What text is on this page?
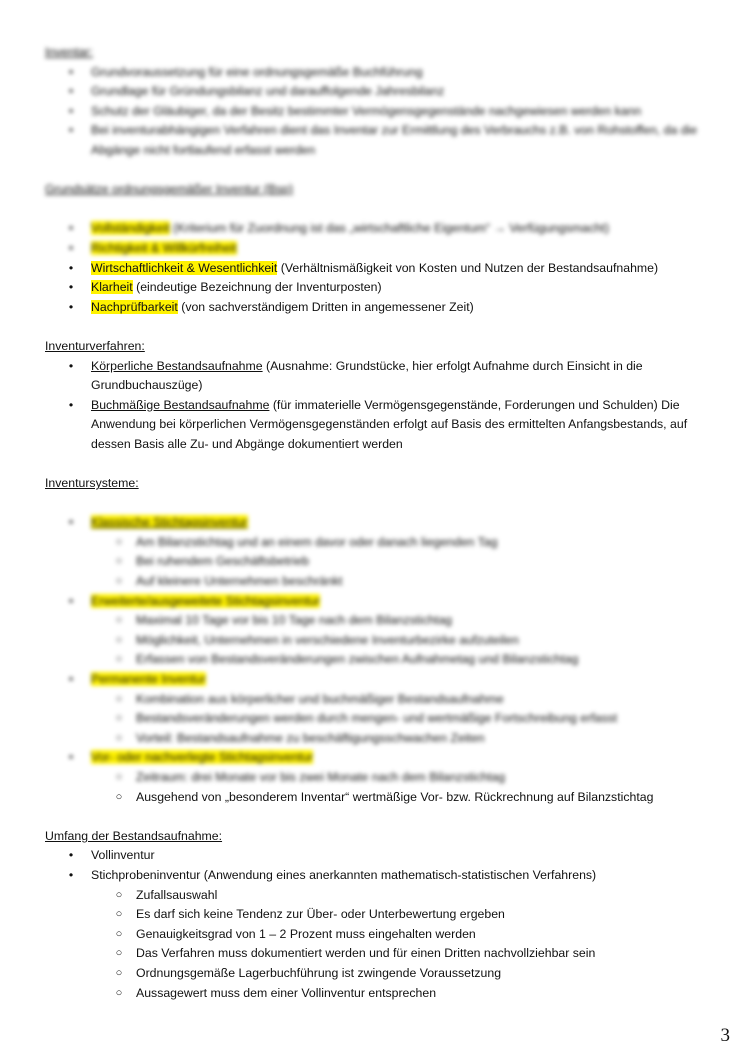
Inventar:

•	Grundvoraussetzung für eine ordnungsgemäße Buchführung
•	Grundlage für Gründungsbilanz und darauffolgende Jahresbilanz
•	Schutz der Gläubiger, da der Besitz bestimmter Vermögensgegenstände nachgewiesen werden kann
•	Bei inventurabhängigen Verfahren dient das Inventar zur Ermittlung des Verbrauchs z.B. von Rohstoffen, da die Abgänge nicht fortlaufend erfasst werden

Grundsätze ordnungsgemäßer Inventur (Bsp)

•	Vollständigkeit (Kriterium für Zuordnung ist das „wirtschaftliche Eigentum“ → Verfügungsmacht)
•	Richtigkeit & Willkürfreiheit
•	Wirtschaftlichkeit & Wesentlichkeit (Verhältnismäßigkeit von Kosten und Nutzen der Bestandsaufnahme)
•	Klarheit (eindeutige Bezeichnung der Inventurposten)
•	Nachprüfbarkeit (von sachverständigem Dritten in angemessener Zeit)

Inventurverfahren:

•	Körperliche Bestandsaufnahme (Ausnahme: Grundstücke, hier erfolgt Aufnahme durch Einsicht in die Grundbuchauszüge)
•	Buchmäßige Bestandsaufnahme (für immaterielle Vermögensgegenstände, Forderungen und Schulden) Die Anwendung bei körperlichen Vermögensgegenständen erfolgt auf Basis des ermittelten Anfangsbestands, auf dessen Basis alle Zu- und Abgänge dokumentiert werden

Inventursysteme:

•	Klassische Stichtagsinventur
○ Am Bilanzstichtag und an einem davor oder danach liegenden Tag
○ Bei ruhendem Geschäftsbetrieb
○ Auf kleinere Unternehmen beschränkt
•	Erweiterte/ausgeweitete Stichtagsinventur
○ Maximal 10 Tage vor bis 10 Tage nach dem Bilanzstichtag
○ Möglichkeit, Unternehmen in verschiedene Inventurbezirke aufzuteilen
○ Erfassen von Bestandsveränderungen zwischen Aufnahmetag und Bilanzstichtag
•	Permanente Inventur
○ Kombination aus körperlicher und buchmäßiger Bestandsaufnahme
○ Bestandsveränderungen werden durch mengen- und wertmäßige Fortschreibung erfasst
○ Vorteil: Bestandsaufnahme zu beschäftigungsschwachen Zeiten
•	Vor- oder nachverlegte Stichtagsinventur
○ Zeitraum: drei Monate vor bis zwei Monate nach dem Bilanzstichtag
○ Ausgehend von „besonderem Inventar“ wertmäßige Vor- bzw. Rückrechnung auf Bilanzstichtag

Umfang der Bestandsaufnahme:

•	Vollinventur
•	Stichprobeninventur (Anwendung eines anerkannten mathematisch-statistischen Verfahrens)
○ Zufallsauswahl
○ Es darf sich keine Tendenz zur Über- oder Unterbewertung ergeben
○ Genauigkeitsgrad von 1 – 2 Prozent muss eingehalten werden
○ Das Verfahren muss dokumentiert werden und für einen Dritten nachvollziehbar sein
○ Ordnungsgemäße Lagerbuchführung ist zwingende Voraussetzung
○ Aussagewert muss dem einer Vollinventur entsprechen
3
